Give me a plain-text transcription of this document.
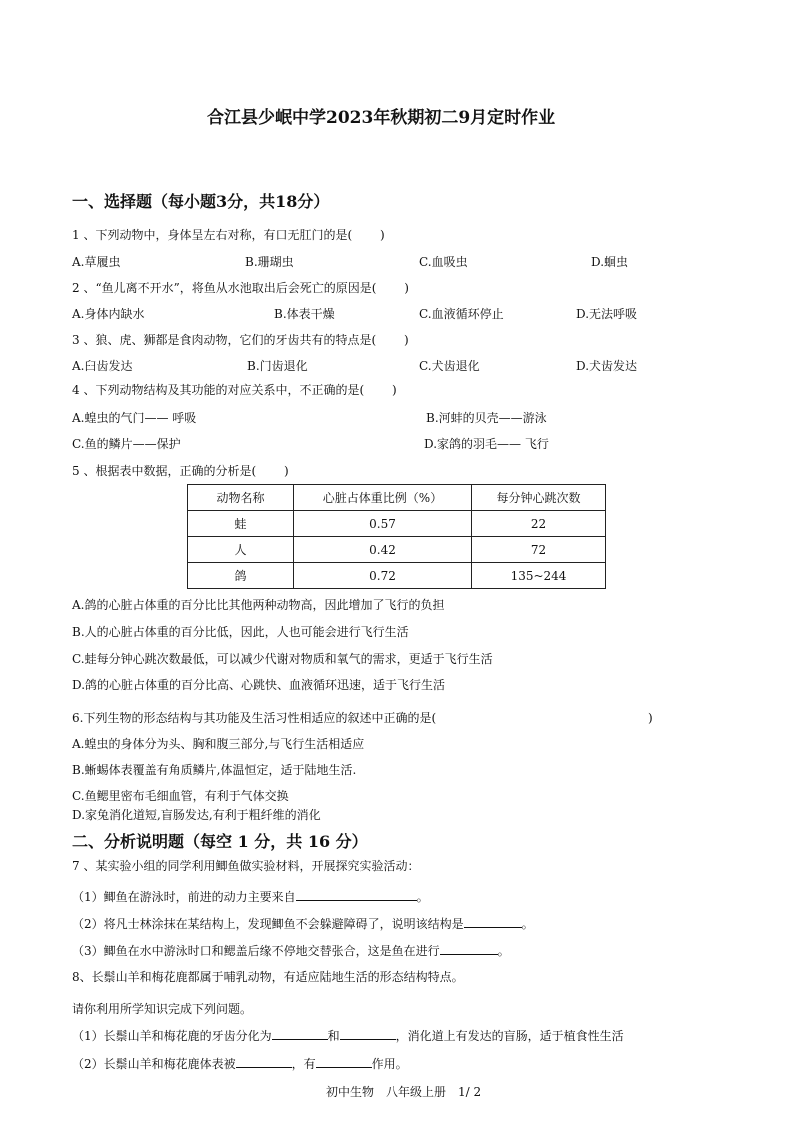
合江县少岷中学2023年秋期初二9月定时作业
一、选择题（每小题3分，共18分）
1 、下列动物中，身体呈左右对称，有口无肛门的是(　　 )
A.草履虫	B.珊瑚虫	C.血吸虫	D.蛔虫
2 、“鱼儿离不开水”，将鱼从水池取出后会死亡的原因是(　　 )
A.身体内缺水	B.体表干燥	C.血液循环停止	D.无法呼吸
3 、狼、虎、狮都是食肉动物，它们的牙齿共有的特点是(　　 )
A.臼齿发达	B.门齿退化	C.犬齿退化	D.犬齿发达
4 、下列动物结构及其功能的对应关系中，不正确的是(　　 )
A.蝗虫的气门—— 呼吸	B.河蚌的贝壳——游泳
C.鱼的鳞片——保护	D.家鸽的羽毛—— 飞行
5 、根据表中数据，正确的分析是(　　 )
动物名称	心脏占体重比例（%）	每分钟心跳次数
蛙	0.57	22
人	0.42	72
鸽	0.72	135~244
A.鸽的心脏占体重的百分比比其他两种动物高，因此增加了飞行的负担
B.人的心脏占体重的百分比低，因此，人也可能会进行飞行生活
C.蛙每分钟心跳次数最低，可以减少代谢对物质和氧气的需求，更适于飞行生活
D.鸽的心脏占体重的百分比高、心跳快、血液循环迅速，适于飞行生活
6.下列生物的形态结构与其功能及生活习性相适应的叙述中正确的是(	)
A.蝗虫的身体分为头、胸和腹三部分,与飞行生活相适应
B.蜥蜴体表覆盖有角质鳞片,体温恒定，适于陆地生活.
C.鱼鳃里密布毛细血管，有利于气体交换
D.家兔消化道短,盲肠发达,有利于粗纤维的消化
二、分析说明题（每空 1 分，共 16 分）
7 、某实验小组的同学利用鲫鱼做实验材料，开展探究实验活动：
（1）鲫鱼在游泳时，前进的动力主要来自	。
（2）将凡士林涂抹在某结构上，发现鲫鱼不会躲避障碍了，说明该结构是	。
（3）鲫鱼在水中游泳时口和鳃盖后缘不停地交替张合，这是鱼在进行	。
8、长鬃山羊和梅花鹿都属于哺乳动物，有适应陆地生活的形态结构特点。
请你利用所学知识完成下列问题。
（1）长鬃山羊和梅花鹿的牙齿分化为	和	，消化道上有发达的盲肠，适于植食性生活
（2）长鬃山羊和梅花鹿体表被	，有	作用。
初中生物　八年级上册　1/ 2
